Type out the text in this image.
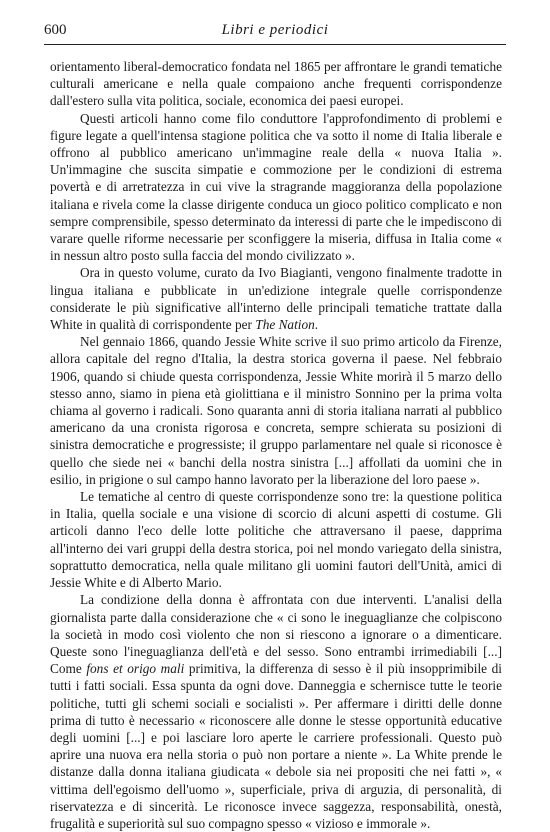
600	Libri e periodici

orientamento liberal-democratico fondata nel 1865 per affrontare le grandi tematiche culturali americane e nella quale compaiono anche frequenti corrispondenze dall'estero sulla vita politica, sociale, economica dei paesi europei.

Questi articoli hanno come filo conduttore l'approfondimento di problemi e figure legate a quell'intensa stagione politica che va sotto il nome di Italia liberale e offrono al pubblico americano un'immagine reale della « nuova Italia ». Un'immagine che suscita simpatie e commozione per le condizioni di estrema povertà e di arretratezza in cui vive la stragrande maggioranza della popolazione italiana e rivela come la classe dirigente conduca un gioco politico complicato e non sempre comprensibile, spesso determinato da interessi di parte che le impediscono di varare quelle riforme necessarie per sconfiggere la miseria, diffusa in Italia come « in nessun altro posto sulla faccia del mondo civilizzato ».

Ora in questo volume, curato da Ivo Biagianti, vengono finalmente tradotte in lingua italiana e pubblicate in un'edizione integrale quelle corrispondenze considerate le più significative all'interno delle principali tematiche trattate dalla White in qualità di corrispondente per The Nation.

Nel gennaio 1866, quando Jessie White scrive il suo primo articolo da Firenze, allora capitale del regno d'Italia, la destra storica governa il paese. Nel febbraio 1906, quando si chiude questa corrispondenza, Jessie White morirà il 5 marzo dello stesso anno, siamo in piena età giolittiana e il ministro Sonnino per la prima volta chiama al governo i radicali. Sono quaranta anni di storia italiana narrati al pubblico americano da una cronista rigorosa e concreta, sempre schierata su posizioni di sinistra democratiche e progressiste; il gruppo parlamentare nel quale si riconosce è quello che siede nei « banchi della nostra sinistra [...] affollati da uomini che in esilio, in prigione o sul campo hanno lavorato per la liberazione del loro paese ».

Le tematiche al centro di queste corrispondenze sono tre: la questione politica in Italia, quella sociale e una visione di scorcio di alcuni aspetti di costume. Gli articoli danno l'eco delle lotte politiche che attraversano il paese, dapprima all'interno dei vari gruppi della destra storica, poi nel mondo variegato della sinistra, soprattutto democratica, nella quale militano gli uomini fautori dell'Unità, amici di Jessie White e di Alberto Mario.

La condizione della donna è affrontata con due interventi. L'analisi della giornalista parte dalla considerazione che « ci sono le ineguaglianze che colpiscono la società in modo così violento che non si riescono a ignorare o a dimenticare. Queste sono l'ineguaglianza dell'età e del sesso. Sono entrambi irrimediabili [...] Come fons et origo mali primitiva, la differenza di sesso è il più insopprimibile di tutti i fatti sociali. Essa spunta da ogni dove. Danneggia e schernisce tutte le teorie politiche, tutti gli schemi sociali e socialisti ». Per affermare i diritti delle donne prima di tutto è necessario « riconoscere alle donne le stesse opportunità educative degli uomini [...] e poi lasciare loro aperte le carriere professionali. Questo può aprire una nuova era nella storia o può non portare a niente ». La White prende le distanze dalla donna italiana giudicata « debole sia nei propositi che nei fatti », « vittima dell'egoismo dell'uomo », superficiale, priva di arguzia, di personalità, di riservatezza e di sincerità. Le riconosce invece saggezza, responsabilità, onestà, frugalità e superiorità sul suo compagno spesso « vizioso e immorale ».
